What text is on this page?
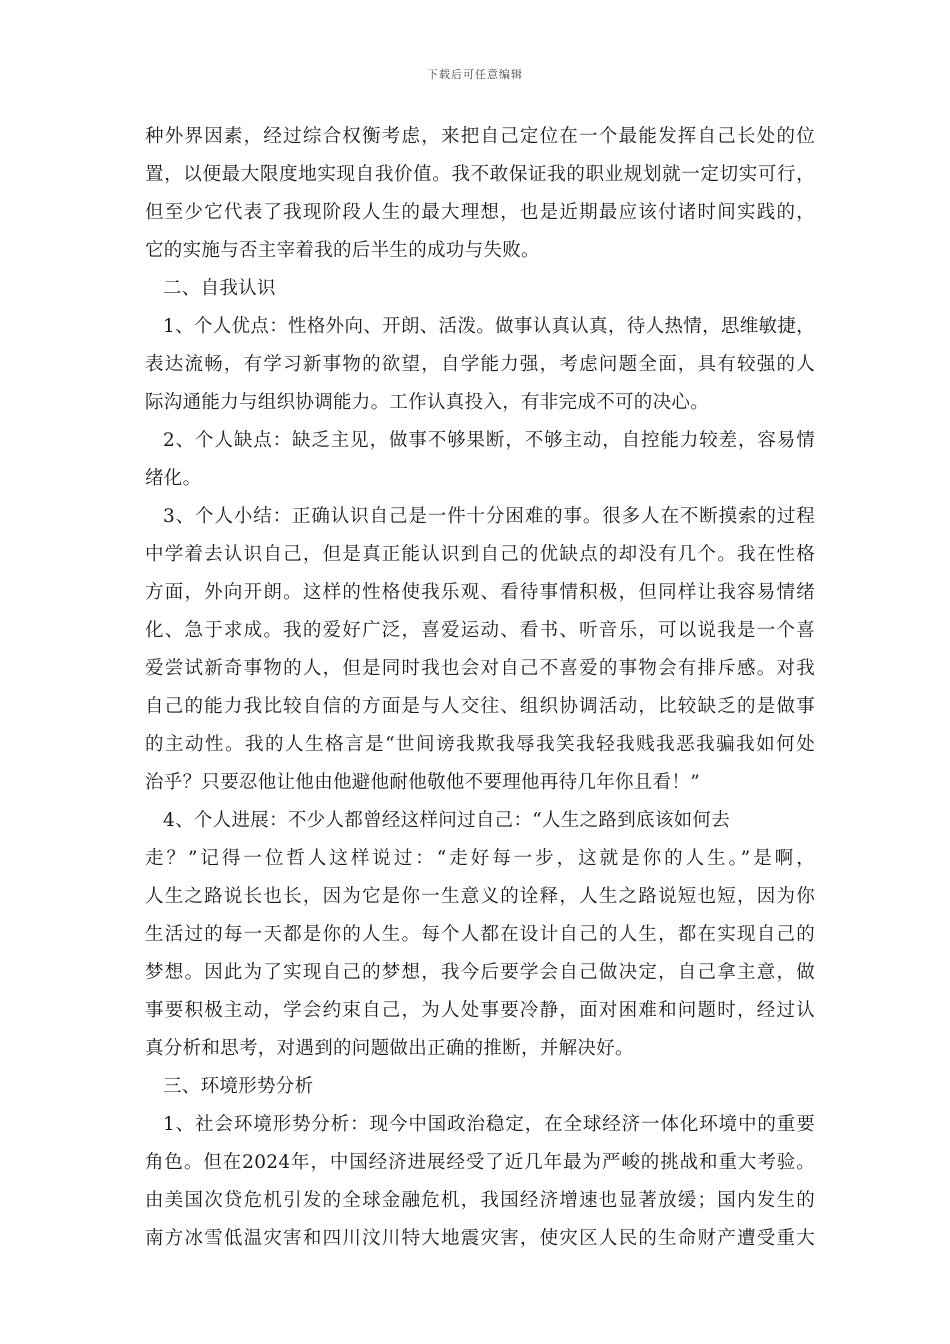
下载后可任意编辑
种外界因素，经过综合权衡考虑，来把自己定位在一个最能发挥自己长处的位
置，以便最大限度地实现自我价值。我不敢保证我的职业规划就一定切实可行，
但至少它代表了我现阶段人生的最大理想，也是近期最应该付诸时间实践的，
它的实施与否主宰着我的后半生的成功与失败。
二、自我认识
1、个人优点：性格外向、开朗、活泼。做事认真认真，待人热情，思维敏捷，
表达流畅，有学习新事物的欲望，自学能力强，考虑问题全面，具有较强的人
际沟通能力与组织协调能力。工作认真投入，有非完成不可的决心。
2、个人缺点：缺乏主见，做事不够果断，不够主动，自控能力较差，容易情
绪化。
3、个人小结：正确认识自己是一件十分困难的事。很多人在不断摸索的过程
中学着去认识自己，但是真正能认识到自己的优缺点的却没有几个。我在性格
方面，外向开朗。这样的性格使我乐观、看待事情积极，但同样让我容易情绪
化、急于求成。我的爱好广泛，喜爱运动、看书、听音乐，可以说我是一个喜
爱尝试新奇事物的人，但是同时我也会对自己不喜爱的事物会有排斥感。对我
自己的能力我比较自信的方面是与人交往、组织协调活动，比较缺乏的是做事
的主动性。我的人生格言是“世间谤我欺我辱我笑我轻我贱我恶我骗我如何处
治乎？只要忍他让他由他避他耐他敬他不要理他再待几年你且看！”
4、个人进展：不少人都曾经这样问过自己：“人生之路到底该如何去
走？”记得一位哲人这样说过：“走好每一步，这就是你的人生。”是啊，
人生之路说长也长，因为它是你一生意义的诠释，人生之路说短也短，因为你
生活过的每一天都是你的人生。每个人都在设计自己的人生，都在实现自己的
梦想。因此为了实现自己的梦想，我今后要学会自己做决定，自己拿主意，做
事要积极主动，学会约束自己，为人处事要冷静，面对困难和问题时，经过认
真分析和思考，对遇到的问题做出正确的推断，并解决好。
三、环境形势分析
1、社会环境形势分析：现今中国政治稳定，在全球经济一体化环境中的重要
角色。但在2024年，中国经济进展经受了近几年最为严峻的挑战和重大考验。
由美国次贷危机引发的全球金融危机，我国经济增速也显著放缓；国内发生的
南方冰雪低温灾害和四川汶川特大地震灾害，使灾区人民的生命财产遭受重大
